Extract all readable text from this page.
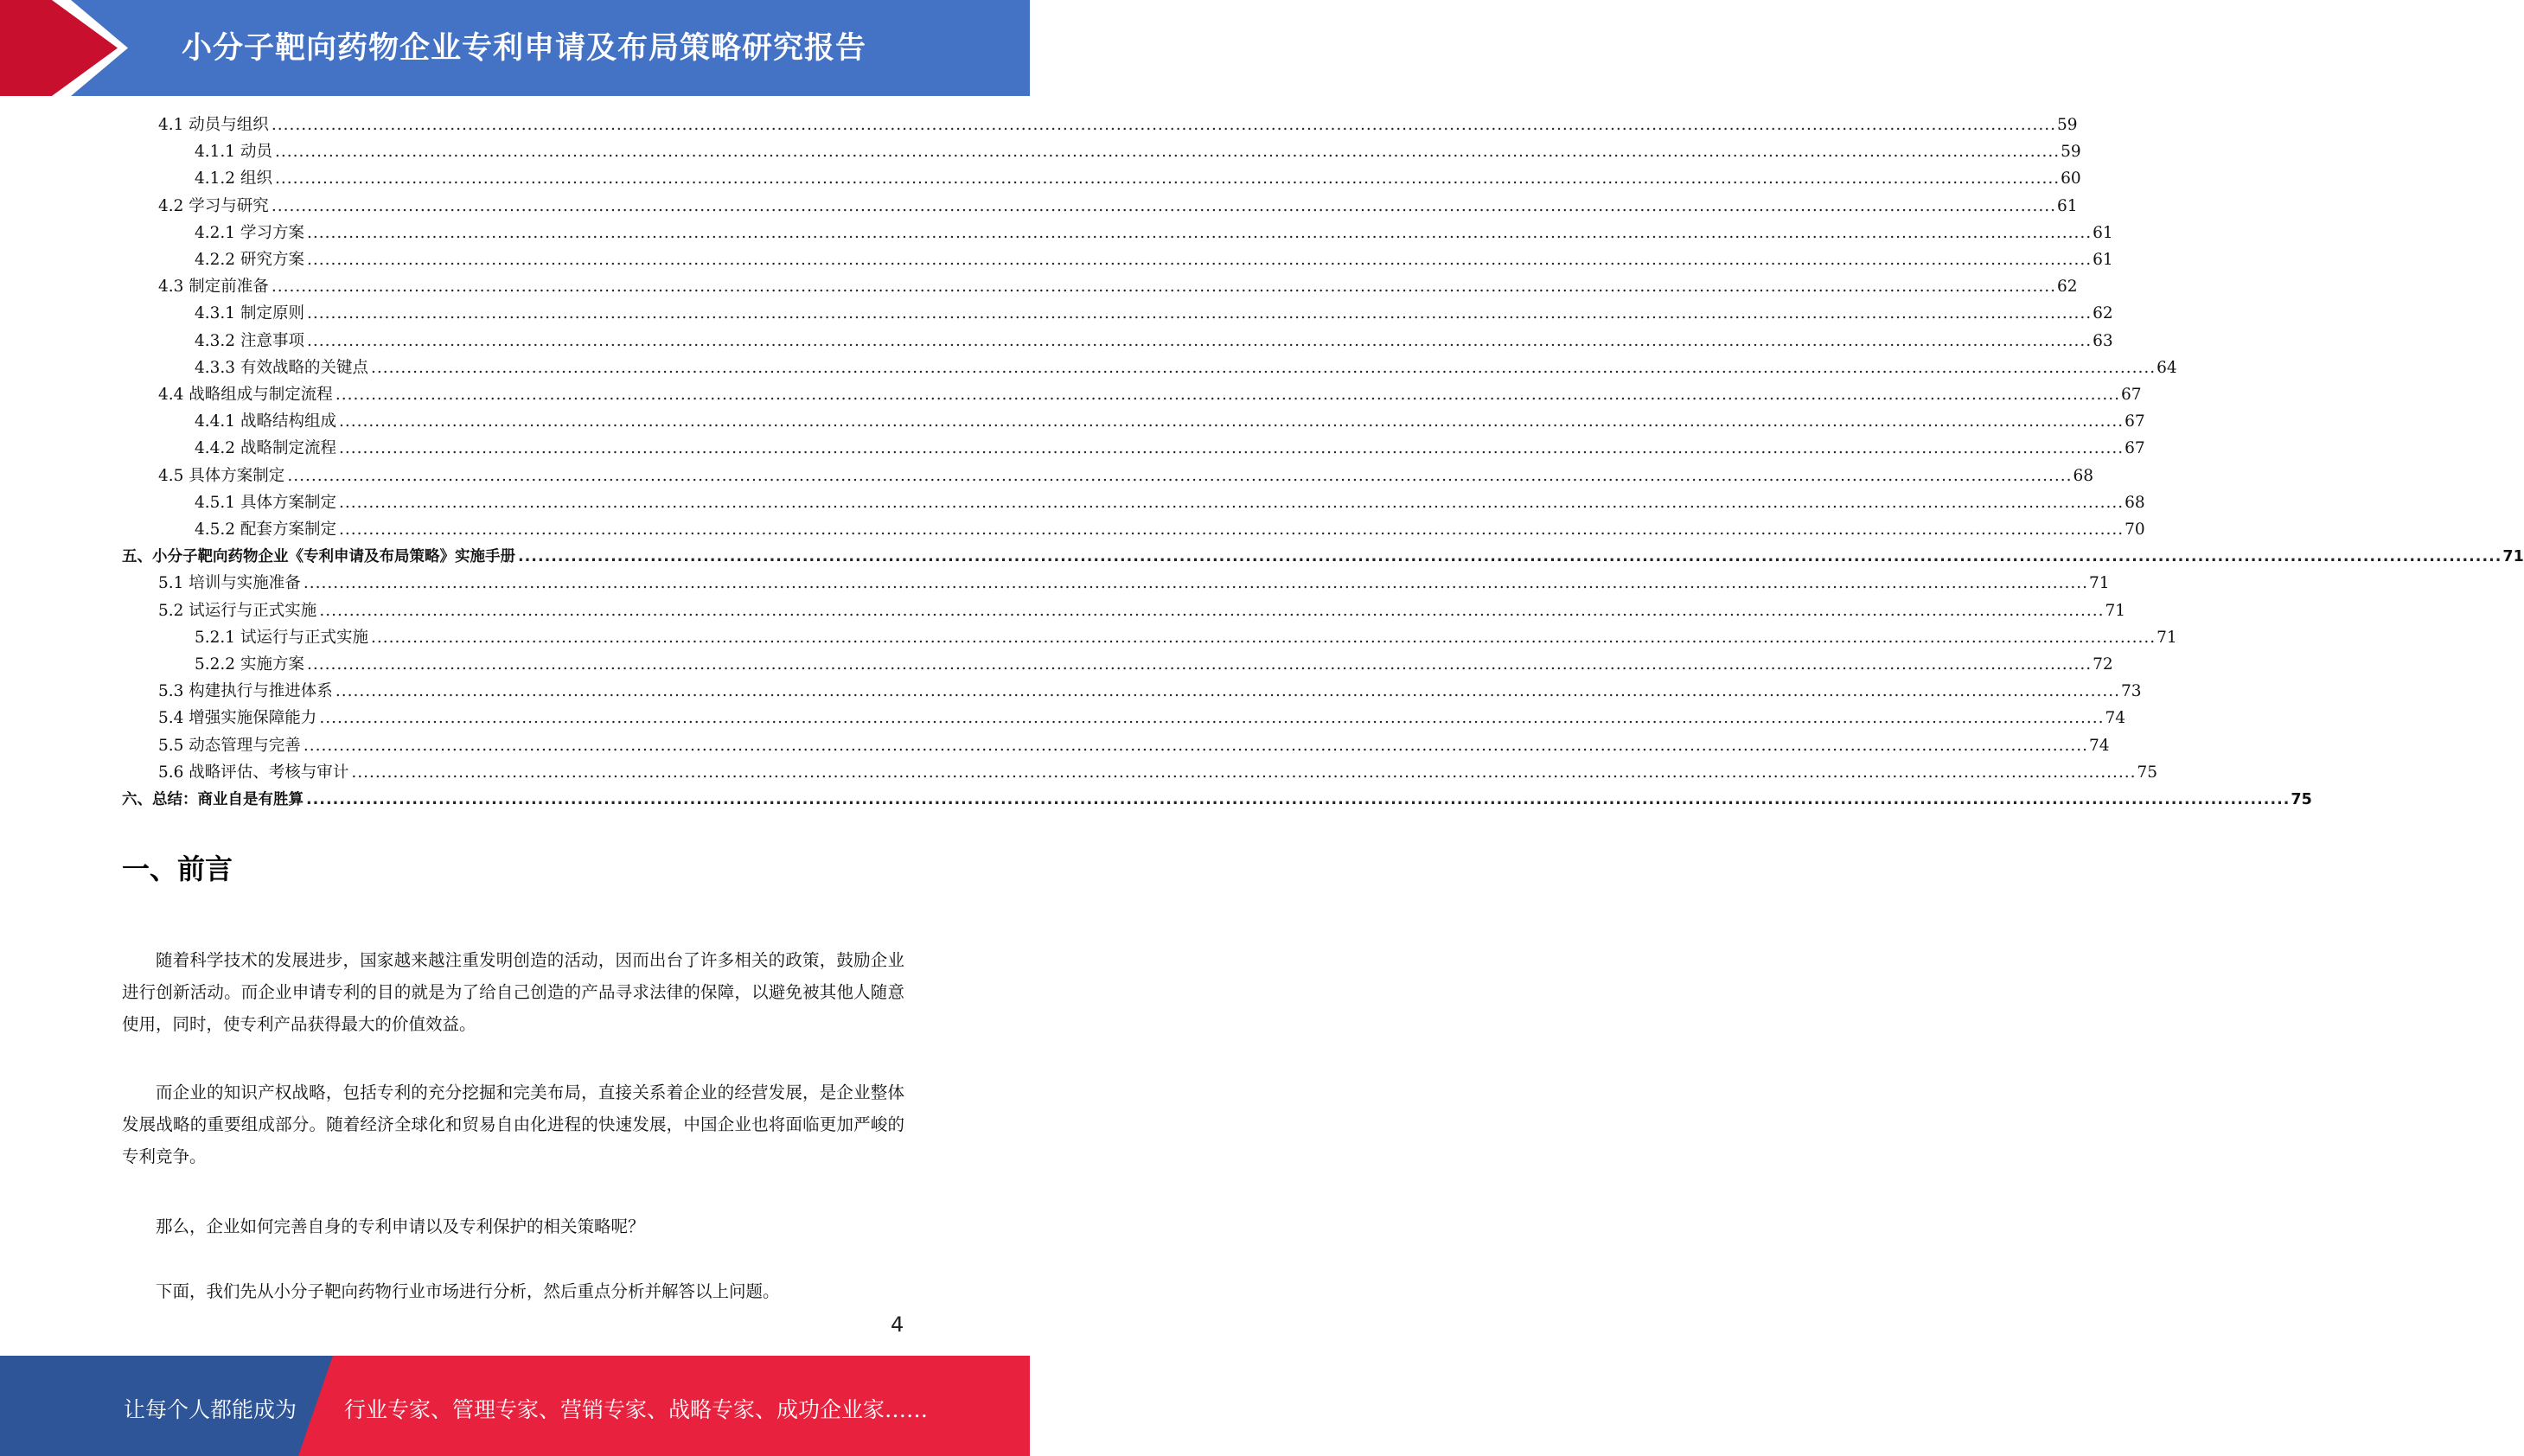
小分子靶向药物企业专利申请及布局策略研究报告
4.1 动员与组织 ............................................................................................................................................................................................................................................................................................................ 59
4.1.1 动员 ............................................................................................................................................................................................................................................................................................................ 59
4.1.2 组织 ............................................................................................................................................................................................................................................................................................................ 60
4.2 学习与研究 ............................................................................................................................................................................................................................................................................................................ 61
4.2.1 学习方案 ............................................................................................................................................................................................................................................................................................................ 61
4.2.2 研究方案 ............................................................................................................................................................................................................................................................................................................ 61
4.3 制定前准备 ............................................................................................................................................................................................................................................................................................................ 62
4.3.1 制定原则 ............................................................................................................................................................................................................................................................................................................ 62
4.3.2 注意事项 ............................................................................................................................................................................................................................................................................................................ 63
4.3.3 有效战略的关键点 ............................................................................................................................................................................................................................................................................................................ 64
4.4 战略组成与制定流程 ............................................................................................................................................................................................................................................................................................................ 67
4.4.1 战略结构组成 ............................................................................................................................................................................................................................................................................................................ 67
4.4.2 战略制定流程 ............................................................................................................................................................................................................................................................................................................ 67
4.5 具体方案制定 ............................................................................................................................................................................................................................................................................................................ 68
4.5.1 具体方案制定 ............................................................................................................................................................................................................................................................................................................ 68
4.5.2 配套方案制定 ............................................................................................................................................................................................................................................................................................................ 70
五、小分子靶向药物企业《专利申请及布局策略》实施手册 ............................................................................................................................................................................................................................................................................................................ 71
5.1 培训与实施准备 ............................................................................................................................................................................................................................................................................................................ 71
5.2 试运行与正式实施 ............................................................................................................................................................................................................................................................................................................ 71
5.2.1 试运行与正式实施 ............................................................................................................................................................................................................................................................................................................ 71
5.2.2 实施方案 ............................................................................................................................................................................................................................................................................................................ 72
5.3 构建执行与推进体系 ............................................................................................................................................................................................................................................................................................................ 73
5.4 增强实施保障能力 ............................................................................................................................................................................................................................................................................................................ 74
5.5 动态管理与完善 ............................................................................................................................................................................................................................................................................................................ 74
5.6 战略评估、考核与审计 ............................................................................................................................................................................................................................................................................................................ 75
六、总结：商业自是有胜算 ............................................................................................................................................................................................................................................................................................................ 75
一、前言

随着科学技术的发展进步，国家越来越注重发明创造的活动，因而出台了许多相关的政策，鼓励企业进行创新活动。而企业申请专利的目的就是为了给自己创造的产品寻求法律的保障，以避免被其他人随意使用，同时，使专利产品获得最大的价值效益。

而企业的知识产权战略，包括专利的充分挖掘和完美布局，直接关系着企业的经营发展，是企业整体发展战略的重要组成部分。随着经济全球化和贸易自由化进程的快速发展，中国企业也将面临更加严峻的专利竞争。

那么，企业如何完善自身的专利申请以及专利保护的相关策略呢？

下面，我们先从小分子靶向药物行业市场进行分析，然后重点分析并解答以上问题。

4
让每个人都能成为 行业专家、管理专家、营销专家、战略专家、成功企业家……
